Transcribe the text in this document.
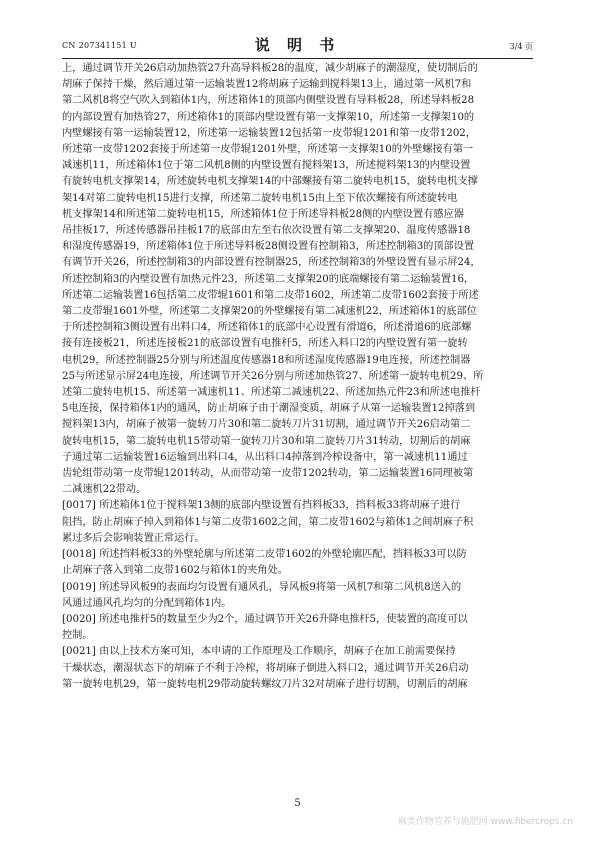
CN 207341151 U	说 明 书	3/4 页
上，通过调节开关26启动加热管27升高导料板28的温度，减少胡麻子的潮湿度，使切制后的
胡麻子保持干燥，然后通过第一运输装置12将胡麻子运输到搅料架13上，通过第一风机7和
第二风机8将空气吹入到箱体1内，所述箱体1的顶部内侧壁设置有导料板28，所述导料板28
的内部设置有加热管27，所述箱体1的顶部内壁设置有第一支撑架10，所述第一支撑架10的
内壁螺接有第一运输装置12，所述第一运输装置12包括第一皮带辊1201和第一皮带1202，
所述第一皮带1202套接于所述第一皮带辊1201外壁，所述第一支撑架10的外壁螺接有第一
减速机11，所述箱体1位于第二风机8侧的内壁设置有搅料架13，所述搅料架13的内壁设置
有旋转电机支撑架14，所述旋转电机支撑架14的中部螺接有第二旋转电机15，旋转电机支撑
架14对第二旋转电机15进行支撑，所述第二旋转电机15由上至下依次螺接有所述旋转电
机支撑架14和所述第二旋转电机15，所述箱体1位于所述导料板28侧的内壁设置有感应器
吊挂板17，所述传感器吊挂板17的底部由左至右依次设置有第二支撑架20、温度传感器18
和湿度传感器19，所述箱体1位于所述导料板28侧设置有控制箱3，所述控制箱3的顶部设置
有调节开关26，所述控制箱3的内部设置有控制器25，所述控制箱3的外壁设置有显示屏24，
所述控制箱3的内壁设置有加热元件23，所述第二支撑架20的底端螺接有第二运输装置16，
所述第二运输装置16包括第二皮带辊1601和第二皮带1602，所述第二皮带1602套接于所述
第二皮带辊1601外壁，所述第二支撑架20的外壁螺接有第二减速机22，所述箱体1的底部位
于所述控制箱3侧设置有出料口4，所述箱体1的底部中心设置有滑道6，所述滑道6的底部螺
接有连接板21，所述连接板21的底部设置有电推杆5，所述入料口2的内壁设置有第一旋转
电机29，所述控制器25分别与所述温度传感器18和所述湿度传感器19电连接，所述控制器
25与所述显示屏24电连接，所述调节开关26分别与所述加热管27、所述第一旋转电机29、所
述第二旋转电机15、所述第一减速机11、所述第二减速机22、所述加热元件23和所述电推杆
5电连接，保持箱体1内的通风，防止胡麻子由于潮湿变质，胡麻子从第一运输装置12掉落到
搅料架13内，胡麻子被第一旋转刀片30和第二旋转刀片31切割，通过调节开关26启动第二
旋转电机15，第二旋转电机15带动第一旋转刀片30和第二旋转刀片31转动，切割后的胡麻
子通过第二运输装置16运输到出料口4，从出料口4掉落到冷榨设备中，第一减速机11通过
齿轮组带动第一皮带辊1201转动，从而带动第一皮带1202转动，第二运输装置16同理被第
二减速机22带动。
[0017] 所述箱体1位于搅料架13侧的底部内壁设置有挡料板33，挡料板33将胡麻子进行
阻挡，防止胡麻子掉入到箱体1与第二皮带1602之间，第二皮带1602与箱体1之间胡麻子积
累过多后会影响装置正常运行。
[0018] 所述挡料板33的外壁轮廓与所述第二皮带1602的外壁轮廓匹配，挡料板33可以防
止胡麻子落入到第二皮带1602与箱体1的夹角处。
[0019] 所述导风板9的表面均匀设置有通风孔，导风板9将第一风机7和第二风机8送入的
风通过通风孔均匀的分配到箱体1内。
[0020] 所述电推杆5的数量至少为2个，通过调节开关26升降电推杆5，使装置的高度可以
控制。
[0021] 由以上技术方案可知，本申请的工作原理及工作顺序，胡麻子在加工前需要保持
干燥状态，潮湿状态下的胡麻子不利于冷榨，将胡麻子倒进入料口2，通过调节开关26启动
第一旋转电机29，第一旋转电机29带动旋转螺纹刀片32对胡麻子进行切割，切割后的胡麻
5
麻类作物营养与施肥网 www.fibercrops.cn
